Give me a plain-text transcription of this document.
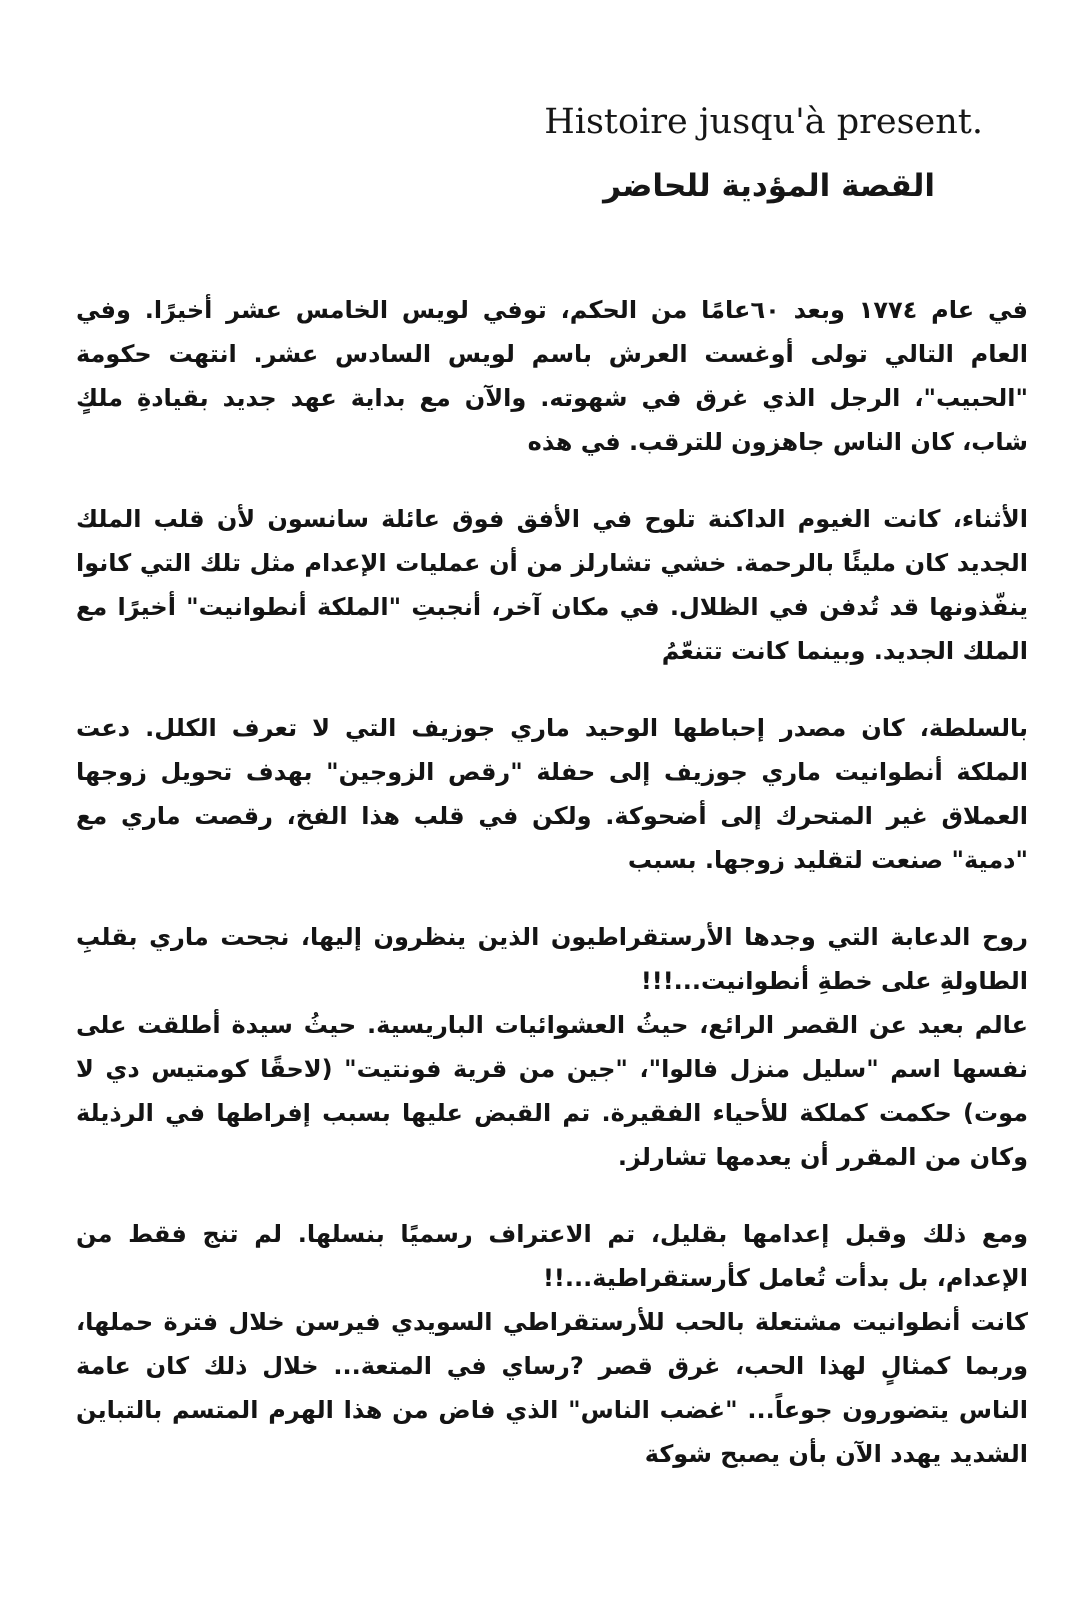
Histoire jusqu'à present.
القصة المؤدية للحاضر

في عام ١٧٧٤ وبعد ٦٠عامًا من الحكم، توفي لويس الخامس عشر أخيرًا. وفي العام التالي تولى أوغست العرش باسم لويس السادس عشر. انتهت حكومة "الحبيب"، الرجل الذي غرق في شهوته. والآن مع بداية عهد جديد بقيادةِ ملكٍ شاب، كان الناس جاهزون للترقب. في هذه

الأثناء، كانت الغيوم الداكنة تلوح في الأفق فوق عائلة سانسون لأن قلب الملك الجديد كان مليئًا بالرحمة. خشي تشارلز من أن عمليات الإعدام مثل تلك التي كانوا ينفّذونها قد تُدفن في الظلال. في مكان آخر، أنجبتِ "الملكة أنطوانيت" أخيرًا مع الملك الجديد. وبينما كانت تتنعّمُ

بالسلطة، كان مصدر إحباطها الوحيد ماري جوزيف التي لا تعرف الكلل. دعت الملكة أنطوانيت ماري جوزيف إلى حفلة "رقص الزوجين" بهدف تحويل زوجها العملاق غير المتحرك إلى أضحوكة. ولكن في قلب هذا الفخ، رقصت ماري مع "دمية" صنعت لتقليد زوجها. بسبب

روح الدعابة التي وجدها الأرستقراطيون الذين ينظرون إليها، نجحت ماري بقلبِ الطاولةِ على خطةِ أنطوانيت...!!!

عالم بعيد عن القصر الرائع، حيثُ العشوائيات الباريسية. حيثُ سيدة أطلقت على نفسها اسم "سليل منزل فالوا"، "جين من قرية فونتيت" (لاحقًا كومتيس دي لا موت) حكمت كملكة للأحياء الفقيرة. تم القبض عليها بسبب إفراطها في الرذيلة وكان من المقرر أن يعدمها تشارلز.

ومع ذلك وقبل إعدامها بقليل، تم الاعتراف رسميًا بنسلها. لم تنج فقط من الإعدام، بل بدأت تُعامل كأرستقراطية...!!

كانت أنطوانيت مشتعلة بالحب للأرستقراطي السويدي فيرسن خلال فترة حملها، وربما كمثالٍ لهذا الحب، غرق قصر ?رساي في المتعة... خلال ذلك كان عامة الناس يتضورون جوعاً... "غضب الناس" الذي فاض من هذا الهرم المتسم بالتباين الشديد يهدد الآن بأن يصبح شوكة
